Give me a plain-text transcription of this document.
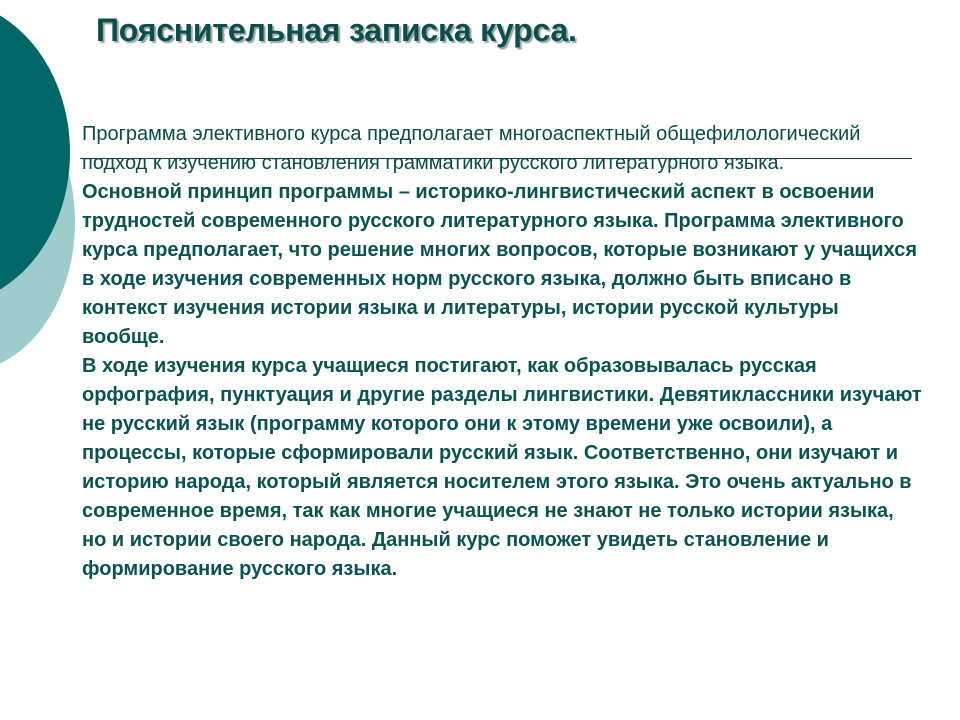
Пояснительная записка курса.

Программа элективного курса предполагает многоаспектный общефилологический подход к изучению становления грамматики русского литературного языка.

Основной принцип программы – историко-лингвистический аспект в освоении трудностей современного русского литературного языка. Программа элективного курса предполагает, что решение многих вопросов, которые возникают у учащихся в ходе изучения современных норм русского языка, должно быть вписано в контекст изучения истории языка и литературы, истории русской культуры вообще.

В ходе изучения курса учащиеся постигают, как образовывалась русская орфография, пунктуация и другие разделы лингвистики. Девятиклассники изучают не русский язык (программу которого они к этому времени уже освоили), а процессы, которые сформировали русский язык. Соответственно, они изучают и историю народа, который является носителем этого языка. Это очень актуально в современное время, так как многие учащиеся не знают не только истории языка, но и истории своего народа. Данный курс поможет увидеть становление и формирование русского языка.
